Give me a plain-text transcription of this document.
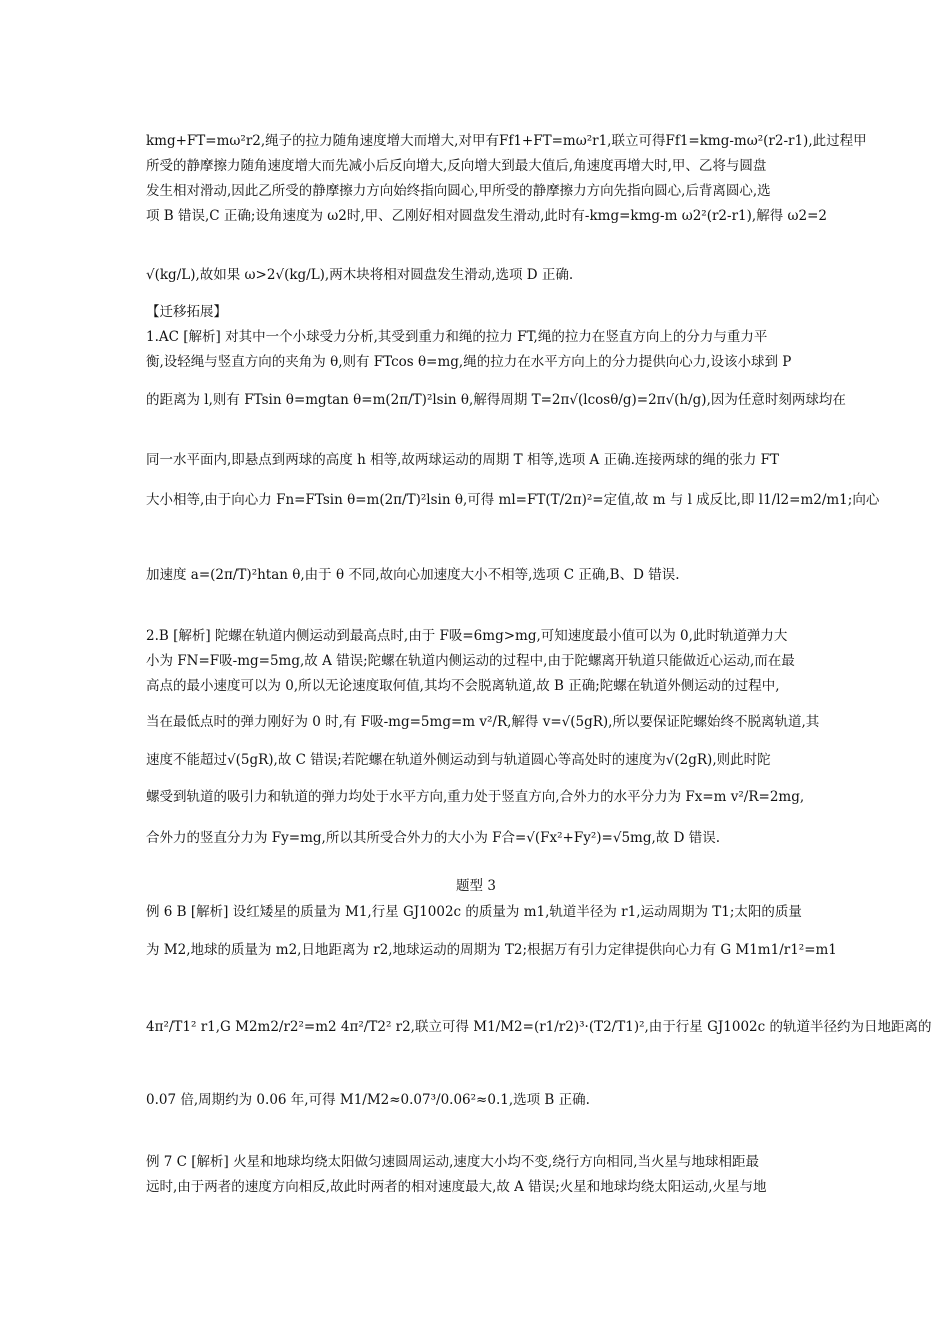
kmg+FT=mω²r2,绳子的拉力随角速度增大而增大,对甲有Ff1+FT=mω²r1,联立可得Ff1=kmg-mω²(r2-r1),此过程甲
所受的静摩擦力随角速度增大而先减小后反向增大,反向增大到最大值后,角速度再增大时,甲、乙将与圆盘
发生相对滑动,因此乙所受的静摩擦力方向始终指向圆心,甲所受的静摩擦力方向先指向圆心,后背离圆心,选
项 B 错误,C 正确;设角速度为 ω2时,甲、乙刚好相对圆盘发生滑动,此时有-kmg=kmg-m ω2²(r2-r1),解得 ω2=2
√(kg/L),故如果 ω>2√(kg/L),两木块将相对圆盘发生滑动,选项 D 正确.
【迁移拓展】
1.AC [解析] 对其中一个小球受力分析,其受到重力和绳的拉力 FT,绳的拉力在竖直方向上的分力与重力平
衡,设轻绳与竖直方向的夹角为 θ,则有 FTcos θ=mg,绳的拉力在水平方向上的分力提供向心力,设该小球到 P
的距离为 l,则有 FTsin θ=mgtan θ=m(2π/T)²lsin θ,解得周期 T=2π√(lcosθ/g)=2π√(h/g),因为任意时刻两球均在
同一水平面内,即悬点到两球的高度 h 相等,故两球运动的周期 T 相等,选项 A 正确.连接两球的绳的张力 FT
大小相等,由于向心力 Fn=FTsin θ=m(2π/T)²lsin θ,可得 ml=FT(T/2π)²=定值,故 m 与 l 成反比,即 l1/l2=m2/m1;向心
加速度 a=(2π/T)²htan θ,由于 θ 不同,故向心加速度大小不相等,选项 C 正确,B、D 错误.
2.B [解析] 陀螺在轨道内侧运动到最高点时,由于 F吸=6mg>mg,可知速度最小值可以为 0,此时轨道弹力大
小为 FN=F吸-mg=5mg,故 A 错误;陀螺在轨道内侧运动的过程中,由于陀螺离开轨道只能做近心运动,而在最
高点的最小速度可以为 0,所以无论速度取何值,其均不会脱离轨道,故 B 正确;陀螺在轨道外侧运动的过程中,
当在最低点时的弹力刚好为 0 时,有 F吸-mg=5mg=m v²/R,解得 v=√(5gR),所以要保证陀螺始终不脱离轨道,其
速度不能超过√(5gR),故 C 错误;若陀螺在轨道外侧运动到与轨道圆心等高处时的速度为√(2gR),则此时陀
螺受到轨道的吸引力和轨道的弹力均处于水平方向,重力处于竖直方向,合外力的水平分力为 Fx=m v²/R=2mg,
合外力的竖直分力为 Fy=mg,所以其所受合外力的大小为 F合=√(Fx²+Fy²)=√5mg,故 D 错误.
题型 3
例 6 B [解析] 设红矮星的质量为 M1,行星 GJ1002c 的质量为 m1,轨道半径为 r1,运动周期为 T1;太阳的质量
为 M2,地球的质量为 m2,日地距离为 r2,地球运动的周期为 T2;根据万有引力定律提供向心力有 G M1m1/r1²=m1
4π²/T1² r1,G M2m2/r2²=m2 4π²/T2² r2,联立可得 M1/M2=(r1/r2)³·(T2/T1)²,由于行星 GJ1002c 的轨道半径约为日地距离的
0.07 倍,周期约为 0.06 年,可得 M1/M2≈0.07³/0.06²≈0.1,选项 B 正确.
例 7 C [解析] 火星和地球均绕太阳做匀速圆周运动,速度大小均不变,绕行方向相同,当火星与地球相距最
远时,由于两者的速度方向相反,故此时两者的相对速度最大,故 A 错误;火星和地球均绕太阳运动,火星与地
